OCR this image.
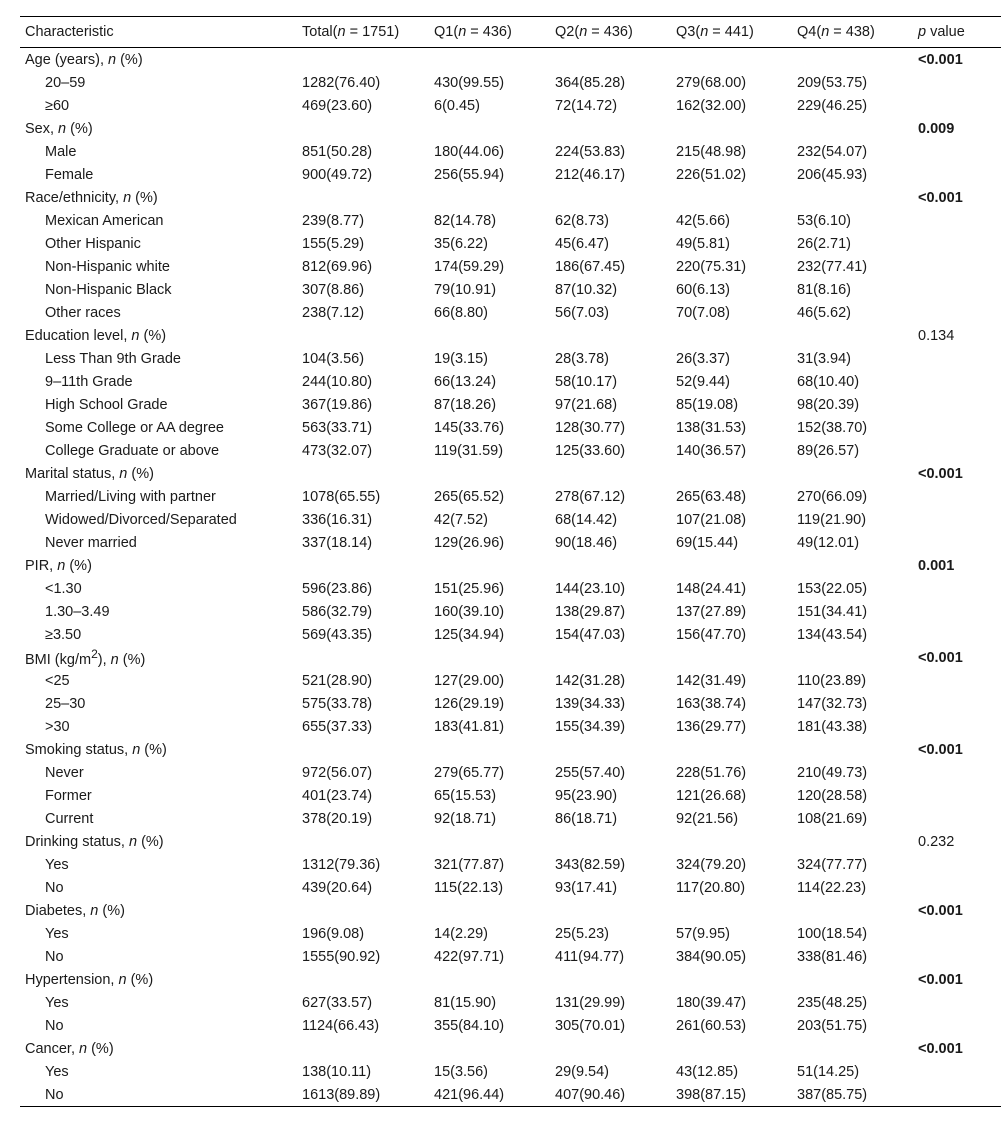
Characteristic	Total(n = 1751)	Q1(n = 436)	Q2(n = 436)	Q3(n = 441)	Q4(n = 438)	p value
Age (years), n (%)						<0.001
20–59	1282(76.40)	430(99.55)	364(85.28)	279(68.00)	209(53.75)	
≥60	469(23.60)	6(0.45)	72(14.72)	162(32.00)	229(46.25)	
Sex, n (%)						0.009
Male	851(50.28)	180(44.06)	224(53.83)	215(48.98)	232(54.07)	
Female	900(49.72)	256(55.94)	212(46.17)	226(51.02)	206(45.93)	
Race/ethnicity, n (%)						<0.001
Mexican American	239(8.77)	82(14.78)	62(8.73)	42(5.66)	53(6.10)	
Other Hispanic	155(5.29)	35(6.22)	45(6.47)	49(5.81)	26(2.71)	
Non-Hispanic white	812(69.96)	174(59.29)	186(67.45)	220(75.31)	232(77.41)	
Non-Hispanic Black	307(8.86)	79(10.91)	87(10.32)	60(6.13)	81(8.16)	
Other races	238(7.12)	66(8.80)	56(7.03)	70(7.08)	46(5.62)	
Education level, n (%)						0.134
Less Than 9th Grade	104(3.56)	19(3.15)	28(3.78)	26(3.37)	31(3.94)	
9–11th Grade	244(10.80)	66(13.24)	58(10.17)	52(9.44)	68(10.40)	
High School Grade	367(19.86)	87(18.26)	97(21.68)	85(19.08)	98(20.39)	
Some College or AA degree	563(33.71)	145(33.76)	128(30.77)	138(31.53)	152(38.70)	
College Graduate or above	473(32.07)	119(31.59)	125(33.60)	140(36.57)	89(26.57)	
Marital status, n (%)						<0.001
Married/Living with partner	1078(65.55)	265(65.52)	278(67.12)	265(63.48)	270(66.09)	
Widowed/Divorced/Separated	336(16.31)	42(7.52)	68(14.42)	107(21.08)	119(21.90)	
Never married	337(18.14)	129(26.96)	90(18.46)	69(15.44)	49(12.01)	
PIR, n (%)						0.001
<1.30	596(23.86)	151(25.96)	144(23.10)	148(24.41)	153(22.05)	
1.30–3.49	586(32.79)	160(39.10)	138(29.87)	137(27.89)	151(34.41)	
≥3.50	569(43.35)	125(34.94)	154(47.03)	156(47.70)	134(43.54)	
BMI $(kg/m^2)$, n (%)						<0.001
<25	521(28.90)	127(29.00)	142(31.28)	142(31.49)	110(23.89)	
25–30	575(33.78)	126(29.19)	139(34.33)	163(38.74)	147(32.73)	
>30	655(37.33)	183(41.81)	155(34.39)	136(29.77)	181(43.38)	
Smoking status, n (%)						<0.001
Never	972(56.07)	279(65.77)	255(57.40)	228(51.76)	210(49.73)	
Former	401(23.74)	65(15.53)	95(23.90)	121(26.68)	120(28.58)	
Current	378(20.19)	92(18.71)	86(18.71)	92(21.56)	108(21.69)	
Drinking status, n (%)						0.232
Yes	1312(79.36)	321(77.87)	343(82.59)	324(79.20)	324(77.77)	
No	439(20.64)	115(22.13)	93(17.41)	117(20.80)	114(22.23)	
Diabetes, n (%)						<0.001
Yes	196(9.08)	14(2.29)	25(5.23)	57(9.95)	100(18.54)	
No	1555(90.92)	422(97.71)	411(94.77)	384(90.05)	338(81.46)	
Hypertension, n (%)						<0.001
Yes	627(33.57)	81(15.90)	131(29.99)	180(39.47)	235(48.25)	
No	1124(66.43)	355(84.10)	305(70.01)	261(60.53)	203(51.75)	
Cancer, n (%)						<0.001
Yes	138(10.11)	15(3.56)	29(9.54)	43(12.85)	51(14.25)	
No	1613(89.89)	421(96.44)	407(90.46)	398(87.15)	387(85.75)	
